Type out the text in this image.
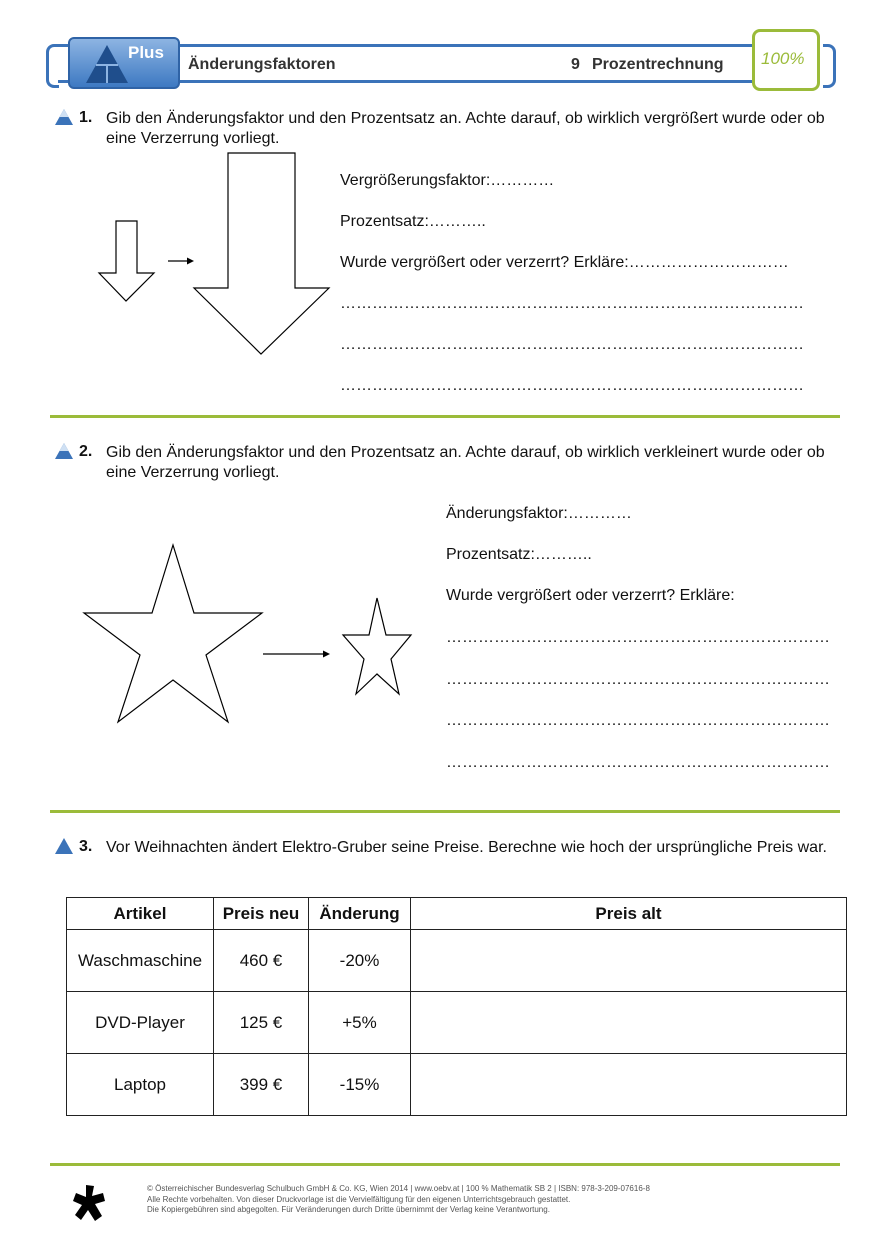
Plus
Änderungsfaktoren	9 Prozentrechnung 100%
1. Gib den Änderungsfaktor und den Prozentsatz an. Achte darauf, ob wirklich vergrößert wurde oder ob eine Verzerrung vorliegt.
Vergrößerungsfaktor:…………
Prozentsatz:………..
Wurde vergrößert oder verzerrt? Erkläre:…………………………
……………………………………………………………………………
……………………………………………………………………………
……………………………………………………………………………
2. Gib den Änderungsfaktor und den Prozentsatz an. Achte darauf, ob wirklich verkleinert wurde oder ob eine Verzerrung vorliegt.
Änderungsfaktor:…………
Prozentsatz:………..
Wurde vergrößert oder verzerrt? Erkläre:
………………………………………………………………
………………………………………………………………
………………………………………………………………
………………………………………………………………
3. Vor Weihnachten ändert Elektro-Gruber seine Preise. Berechne wie hoch der ursprüngliche Preis war.
Artikel	Preis neu	Änderung	Preis alt
Waschmaschine	460 €	-20%	
DVD-Player	125 €	+5%	
Laptop	399 €	-15%	
© Österreichischer Bundesverlag Schulbuch GmbH & Co. KG, Wien 2014 | www.oebv.at | 100 % Mathematik SB 2 | ISBN: 978-3-209-07616-8
Alle Rechte vorbehalten. Von dieser Druckvorlage ist die Vervielfältigung für den eigenen Unterrichtsgebrauch gestattet.
Die Kopiergebühren sind abgegolten. Für Veränderungen durch Dritte übernimmt der Verlag keine Verantwortung.
